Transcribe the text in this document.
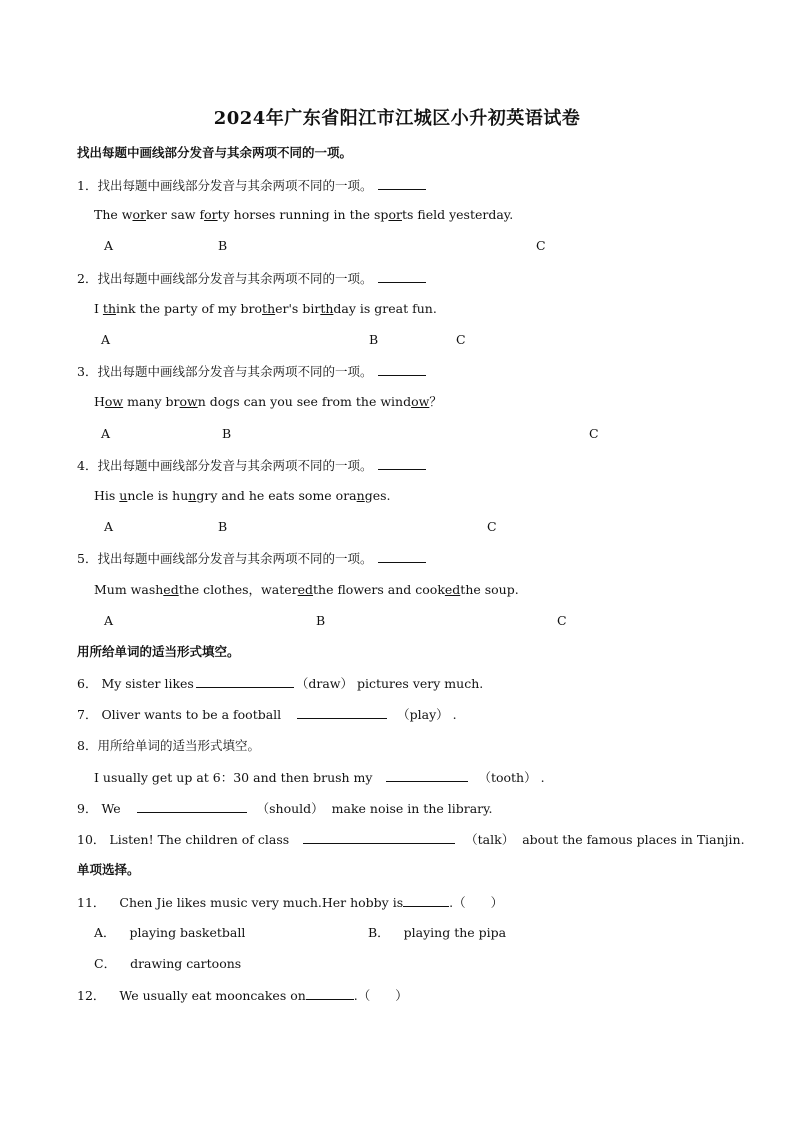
2024年广东省阳江市江城区小升初英语试卷
找出每题中画线部分发音与其余两项不同的一项。
1．找出每题中画线部分发音与其余两项不同的一项。
The worker saw forty horses running in the sports field yesterday.
A	B	C
2．找出每题中画线部分发音与其余两项不同的一项。
I think the party of my brother's birthday is great fun.
A	B	C
3．找出每题中画线部分发音与其余两项不同的一项。
How many brown dogs can you see from the window？
A	B	C
4．找出每题中画线部分发音与其余两项不同的一项。
His uncle is hungry and he eats some oranges.
A	B	C
5．找出每题中画线部分发音与其余两项不同的一项。
Mum washedthe clothes，wateredthe flowers and cookedthe soup.
A	B	C
用所给单词的适当形式填空。
6． My sister likes	（draw） pictures very much.
7． Oliver wants to be a football	（play） .
8．用所给单词的适当形式填空。
I usually get up at 6：30 and then brush my	（tooth） .
9． We	（should） make noise in the library.
10． Listen! The children of class	（talk） about the famous places in Tianjin.
单项选择。
11． Chen Jie likes music very much.Her hobby is	.（　　）
A． playing basketball	B． playing the pipa
C． drawing cartoons
12． We usually eat mooncakes on	.（　　）
